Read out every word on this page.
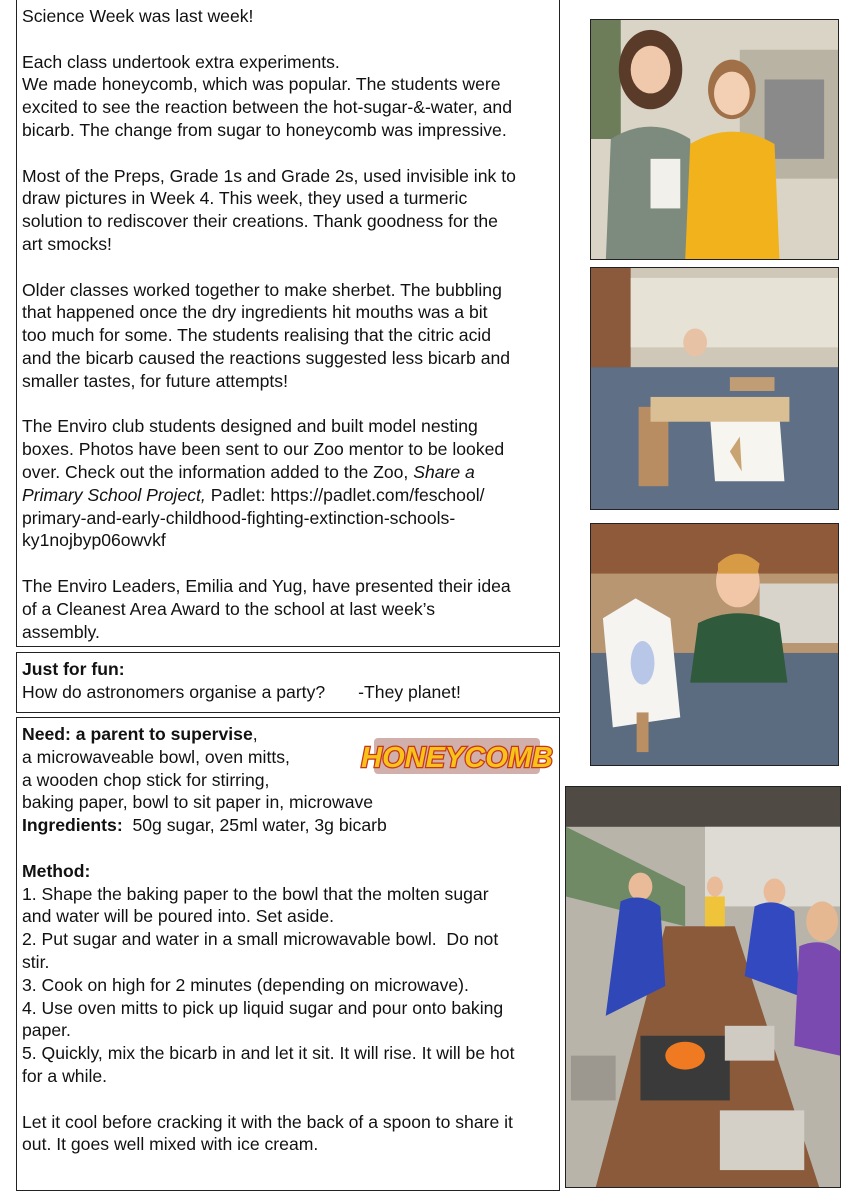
Science Week was last week!

Each class undertook extra experiments.
We made honeycomb, which was popular. The students were
excited to see the reaction between the hot-sugar-&-water, and
bicarb. The change from sugar to honeycomb was impressive.

Most of the Preps, Grade 1s and Grade 2s, used invisible ink to
draw pictures in Week 4. This week, they used a turmeric
solution to rediscover their creations. Thank goodness for the
art smocks!

Older classes worked together to make sherbet. The bubbling
that happened once the dry ingredients hit mouths was a bit
too much for some. The students realising that the citric acid
and the bicarb caused the reactions suggested less bicarb and
smaller tastes, for future attempts!

The Enviro club students designed and built model nesting
boxes. Photos have been sent to our Zoo mentor to be looked
over. Check out the information added to the Zoo, Share a
Primary School Project, Padlet: https://padlet.com/feschool/
primary-and-early-childhood-fighting-extinction-schools-
ky1nojbyp06owvkf

The Enviro Leaders, Emilia and Yug, have presented their idea
of a Cleanest Area Award to the school at last week’s
assembly.

Just for fun:

How do astronomers organise a party? -They planet!

Need: a parent to supervise,
a microwaveable bowl, oven mitts,
a wooden chop stick for stirring,
baking paper, bowl to sit paper in, microwave
Ingredients:  50g sugar, 25ml water, 3g bicarb

Method:
1. Shape the baking paper to the bowl that the molten sugar
and water will be poured into. Set aside.
2. Put sugar and water in a small microwavable bowl.  Do not
stir.
3. Cook on high for 2 minutes (depending on microwave).
4. Use oven mitts to pick up liquid sugar and pour onto baking
paper.
5. Quickly, mix the bicarb in and let it sit. It will rise. It will be hot
for a while.

Let it cool before cracking it with the back of a spoon to share it
out. It goes well mixed with ice cream.

HONEYCOMB
